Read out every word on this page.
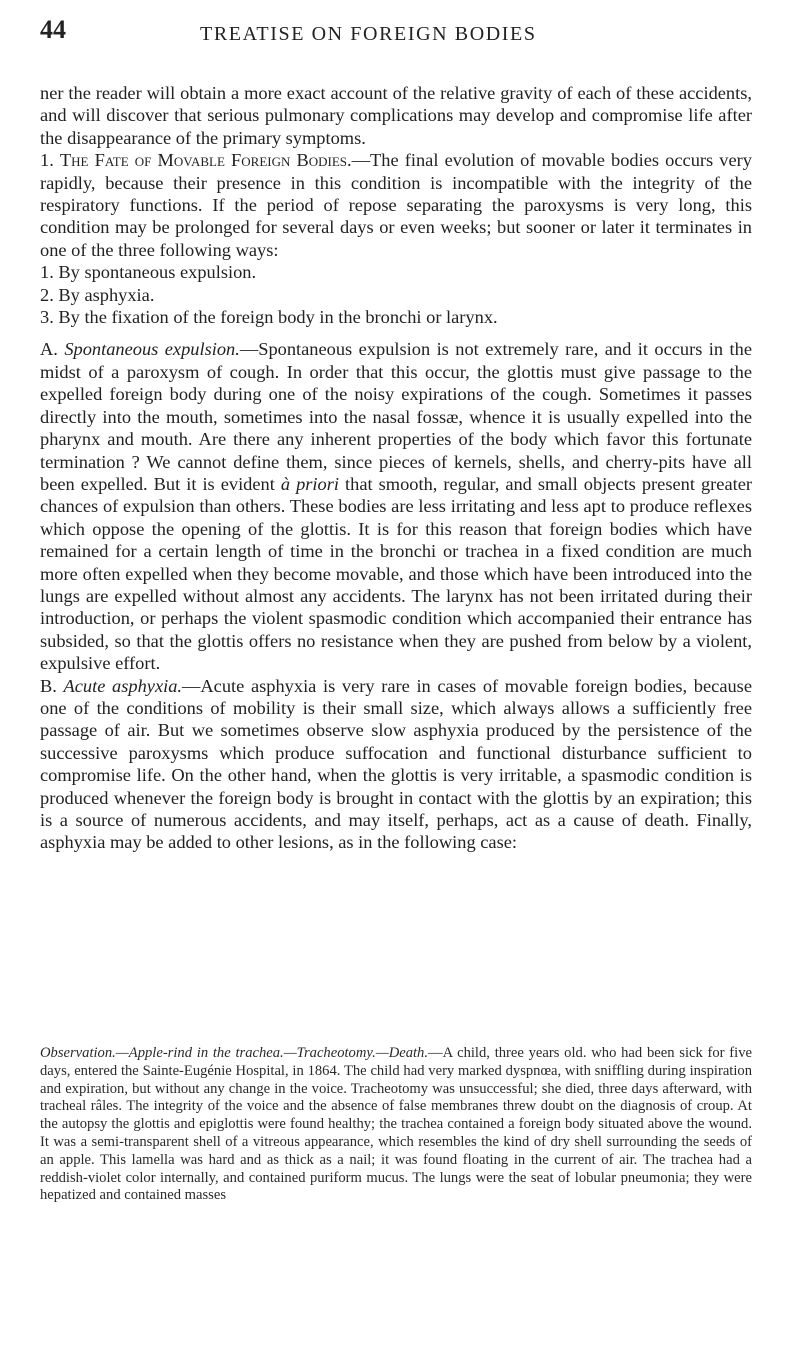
44	TREATISE ON FOREIGN BODIES

ner the reader will obtain a more exact account of the relative gravity of each of these accidents, and will discover that serious pulmonary complications may develop and compromise life after the disappearance of the primary symptoms.

1. The Fate of Movable Foreign Bodies.—The final evolution of movable bodies occurs very rapidly, because their presence in this condition is incompatible with the integrity of the respiratory functions. If the period of repose separating the paroxysms is very long, this condition may be prolonged for several days or even weeks; but sooner or later it terminates in one of the three following ways:

1. By spontaneous expulsion.

2. By asphyxia.

3. By the fixation of the foreign body in the bronchi or larynx.

A. Spontaneous expulsion.—Spontaneous expulsion is not extremely rare, and it occurs in the midst of a paroxysm of cough. In order that this occur, the glottis must give passage to the expelled foreign body during one of the noisy expirations of the cough. Sometimes it passes directly into the mouth, sometimes into the nasal fossæ, whence it is usually expelled into the pharynx and mouth. Are there any inherent properties of the body which favor this fortunate termination ? We cannot define them, since pieces of kernels, shells, and cherry-pits have all been expelled. But it is evident à priori that smooth, regular, and small objects present greater chances of expulsion than others. These bodies are less irritating and less apt to produce reflexes which oppose the opening of the glottis. It is for this reason that foreign bodies which have remained for a certain length of time in the bronchi or trachea in a fixed condition are much more often expelled when they become movable, and those which have been introduced into the lungs are expelled without almost any accidents. The larynx has not been irritated during their introduction, or perhaps the violent spasmodic condition which accompanied their entrance has subsided, so that the glottis offers no resistance when they are pushed from below by a violent, expulsive effort.

B. Acute asphyxia.—Acute asphyxia is very rare in cases of movable foreign bodies, because one of the conditions of mobility is their small size, which always allows a sufficiently free passage of air. But we sometimes observe slow asphyxia produced by the persistence of the successive paroxysms which produce suffocation and functional disturbance sufficient to compromise life. On the other hand, when the glottis is very irritable, a spasmodic condition is produced whenever the foreign body is brought in contact with the glottis by an expiration; this is a source of numerous accidents, and may itself, perhaps, act as a cause of death. Finally, asphyxia may be added to other lesions, as in the following case:

Observation.—Apple-rind in the trachea.—Tracheotomy.—Death.—A child, three years old. who had been sick for five days, entered the Sainte-Eugénie Hospital, in 1864. The child had very marked dyspnœa, with sniffling during inspiration and expiration, but without any change in the voice. Tracheotomy was unsuccessful; she died, three days afterward, with tracheal râles. The integrity of the voice and the absence of false membranes threw doubt on the diagnosis of croup. At the autopsy the glottis and epiglottis were found healthy; the trachea contained a foreign body situated above the wound. It was a semi-transparent shell of a vitreous appearance, which resembles the kind of dry shell surrounding the seeds of an apple. This lamella was hard and as thick as a nail; it was found floating in the current of air. The trachea had a reddish-violet color internally, and contained puriform mucus. The lungs were the seat of lobular pneumonia; they were hepatized and contained masses
